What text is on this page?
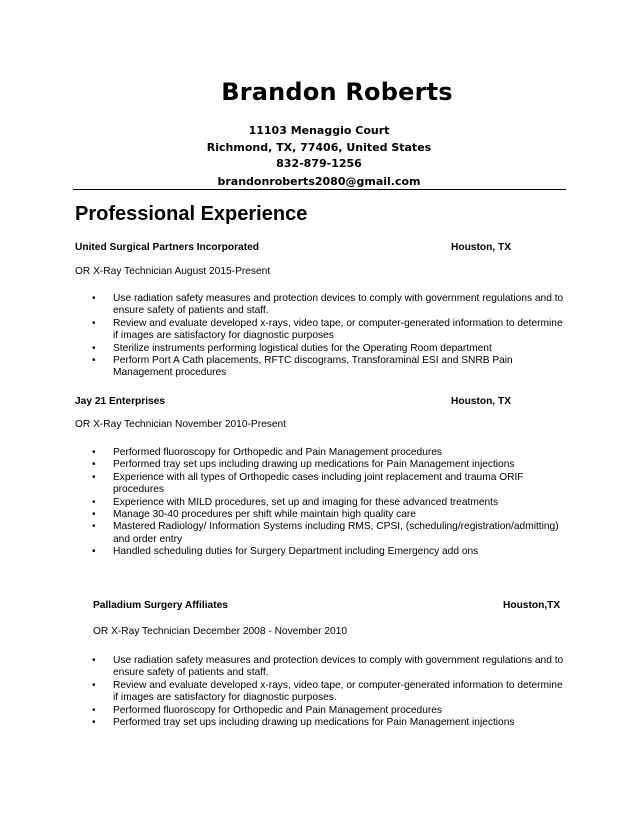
Brandon Roberts

11103 Menaggio Court

Richmond, TX, 77406, United States

832-879-1256

brandonroberts2080@gmail.com

Professional Experience
United Surgical Partners Incorporated	Houston, TX
OR X-Ray Technician August 2015-Present
• Use radiation safety measures and protection devices to comply with government regulations and to ensure safety of patients and staff.
• Review and evaluate developed x-rays, video tape, or computer-generated information to determine if images are satisfactory for diagnostic purposes
• Sterilize instruments performing logistical duties for the Operating Room department
• Perform Port A Cath placements, RFTC discograms, Transforaminal ESI and SNRB Pain Management procedures
Jay 21 Enterprises	Houston, TX
OR X-Ray Technician November 2010-Present
• Performed fluoroscopy for Orthopedic and Pain Management procedures
• Performed tray set ups including drawing up medications for Pain Management injections
• Experience with all types of Orthopedic cases including joint replacement and trauma ORIF procedures
• Experience with MILD procedures, set up and imaging for these advanced treatments
• Manage 30-40 procedures per shift while maintain high quality care
• Mastered Radiology/ Information Systems including RMS, CPSI, (scheduling/registration/admitting) and order entry
• Handled scheduling duties for Surgery Department including Emergency add ons
Palladium Surgery Affiliates	Houston,TX
OR X-Ray Technician December 2008 - November 2010
• Use radiation safety measures and protection devices to comply with government regulations and to ensure safety of patients and staff.
• Review and evaluate developed x-rays, video tape, or computer-generated information to determine if images are satisfactory for diagnostic purposes.
• Performed fluoroscopy for Orthopedic and Pain Management procedures
• Performed tray set ups including drawing up medications for Pain Management injections
